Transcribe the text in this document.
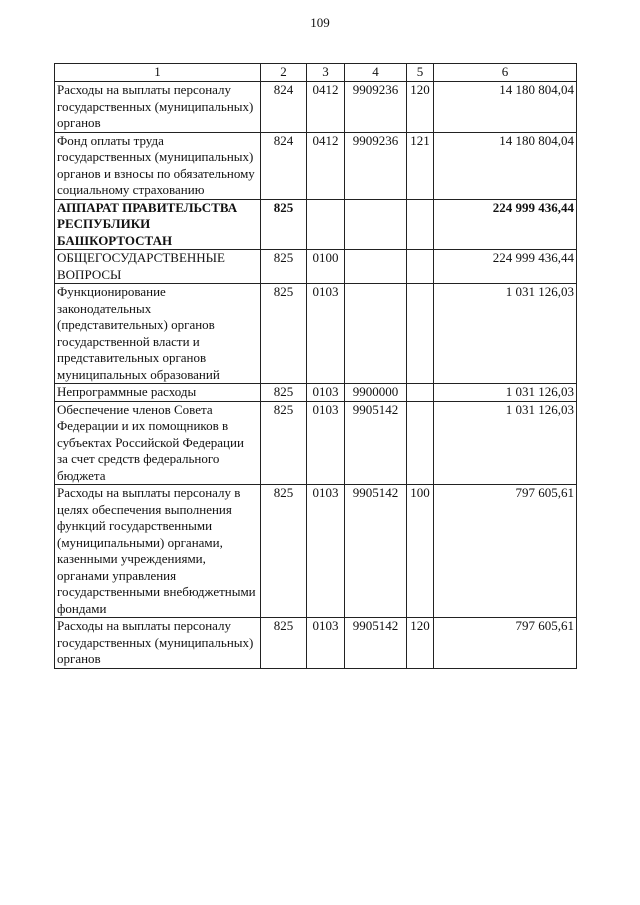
109
1	2	3	4	5	6
Расходы на выплаты персоналу государственных (муниципальных) органов	824	0412	9909236	120	14 180 804,04
Фонд оплаты труда государственных (муниципальных) органов и взносы по обязательному социальному страхованию	824	0412	9909236	121	14 180 804,04
АППАРАТ ПРАВИТЕЛЬСТВА РЕСПУБЛИКИ БАШКОРТОСТАН	825				224 999 436,44
ОБЩЕГОСУДАРСТВЕННЫЕ ВОПРОСЫ	825	0100			224 999 436,44
Функционирование законодательных (представительных) органов государственной власти и представительных органов муниципальных образований	825	0103			1 031 126,03
Непрограммные расходы	825	0103	9900000		1 031 126,03
Обеспечение членов Совета Федерации и их помощников в субъектах Российской Федерации за счет средств федерального бюджета	825	0103	9905142		1 031 126,03
Расходы на выплаты персоналу в целях обеспечения выполнения функций государственными (муниципальными) органами, казенными учреждениями, органами управления государственными внебюджетными фондами	825	0103	9905142	100	797 605,61
Расходы на выплаты персоналу государственных (муниципальных) органов	825	0103	9905142	120	797 605,61
